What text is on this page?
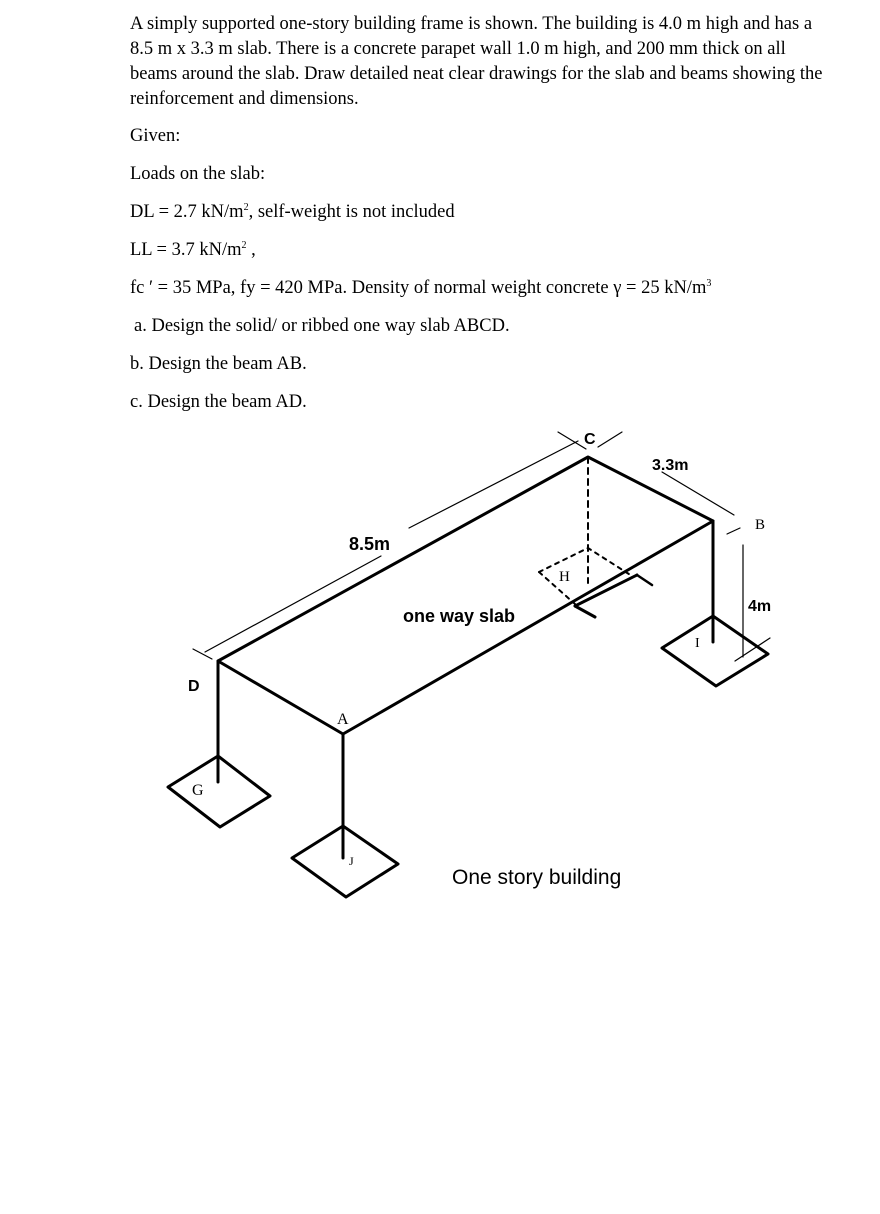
A simply supported one-story building frame is shown. The building is 4.0 m high and has a 8.5 m x 3.3 m slab. There is a concrete parapet wall 1.0 m high, and 200 mm thick on all beams around the slab. Draw detailed neat clear drawings for the slab and beams showing the reinforcement and dimensions.

Given:

Loads on the slab:

DL = 2.7 $kN/m^2$, self-weight is not included

LL = 3.7 $kN/m^2$ ,

fc ′ = 35 MPa, fy = 420 MPa. Density of normal weight concrete γ = 25 $kN/m^3$

a. Design the solid/ or ribbed one way slab ABCD.

b. Design the beam AB.

c. Design the beam AD.

8.5m
3.3m
4m
one way slab
C
D
A
B
G
H
I
J
One story building
